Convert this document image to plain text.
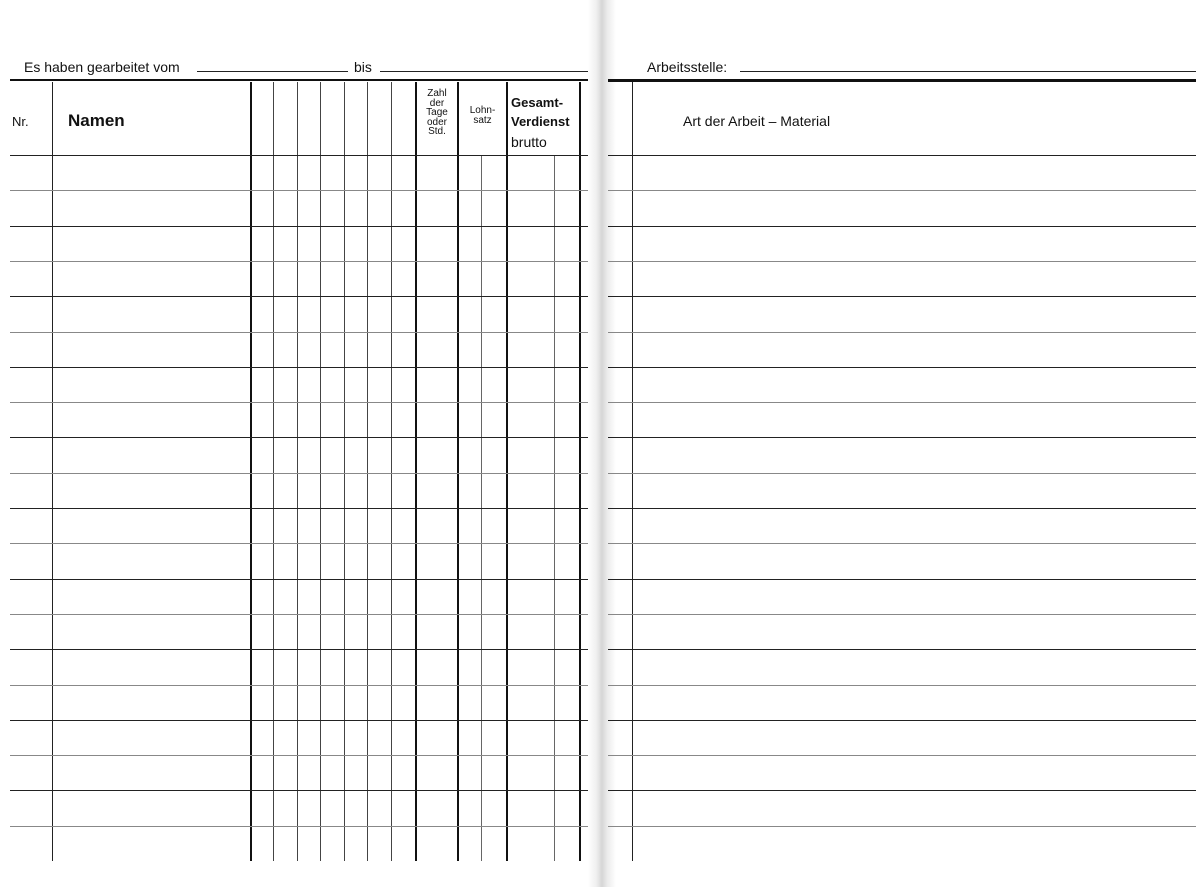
Es haben gearbeitet vom	bis	Arbeitsstelle:
Nr. Namen
Zahl
der
Tage
oder
Std.
Lohn-
satz
Gesamt-
Verdienst
brutto
Art der Arbeit – Material
